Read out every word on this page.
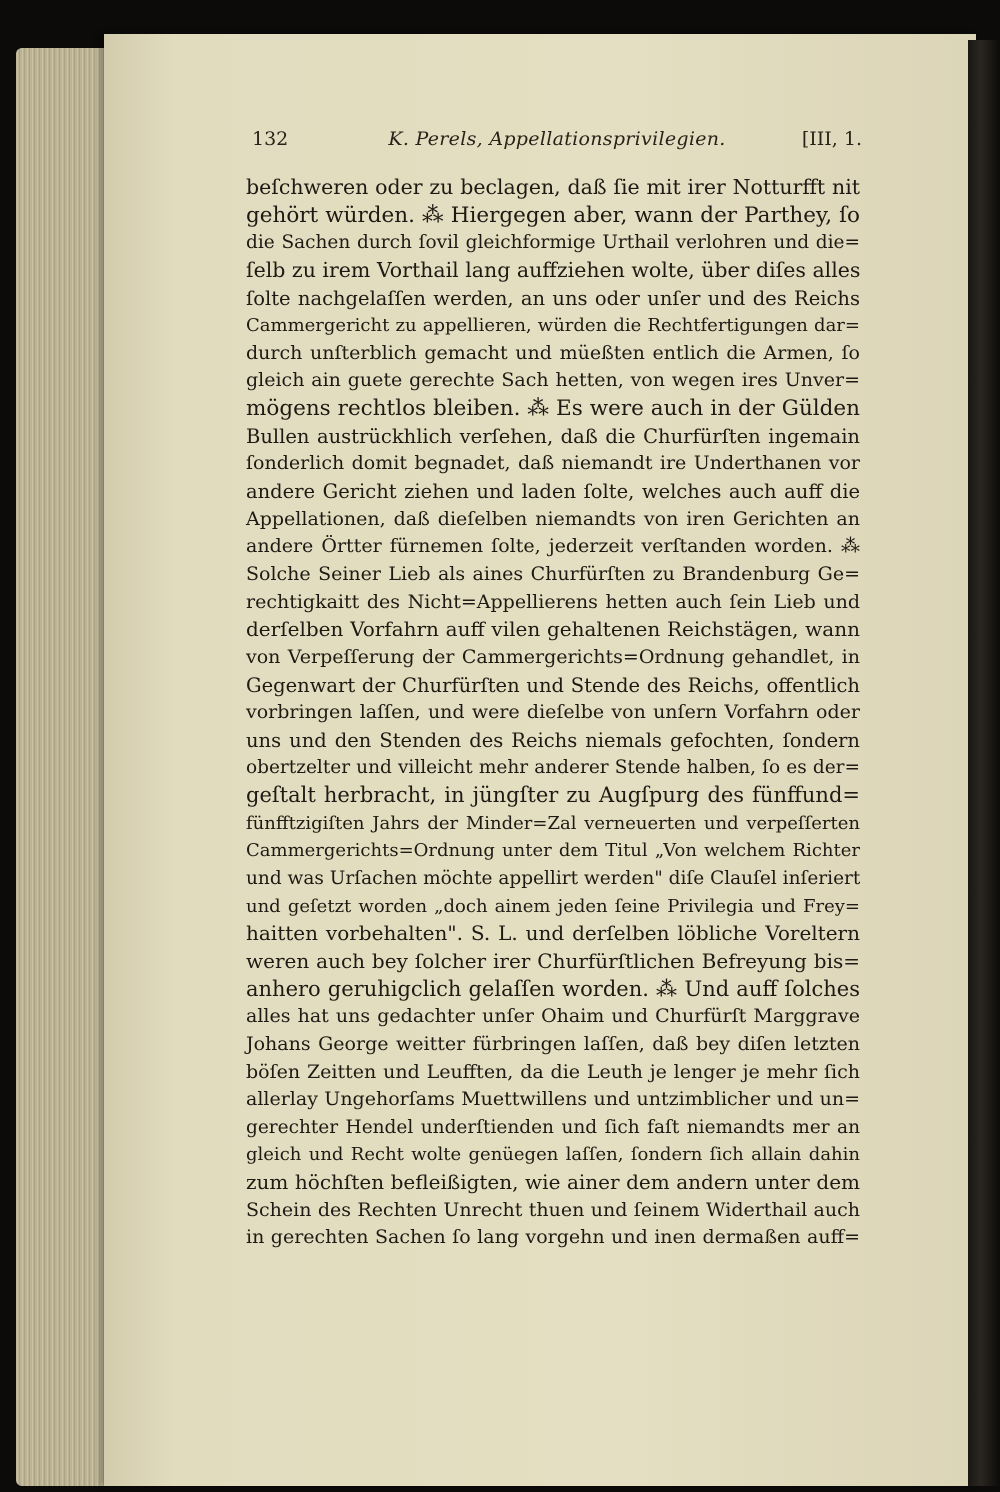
132	K. Perels, Appellationsprivilegien.	[III, 1.
beſchweren oder zu beclagen, daß ſie mit irer Notturfft nit
gehört würden. ⁂ Hiergegen aber, wann der Parthey, ſo
die Sachen durch ſovil gleichformige Urthail verlohren und die=
ſelb zu irem Vorthail lang auffziehen wolte, über diſes alles
ſolte nachgelaſſen werden, an uns oder unſer und des Reichs
Cammergericht zu appellieren, würden die Rechtfertigungen dar=
durch unſterblich gemacht und müeßten entlich die Armen, ſo
gleich ain guete gerechte Sach hetten, von wegen ires Unver=
mögens rechtlos bleiben. ⁂ Es were auch in der Gülden
Bullen austrückhlich verſehen, daß die Churfürſten ingemain
ſonderlich domit begnadet, daß niemandt ire Underthanen vor
andere Gericht ziehen und laden ſolte, welches auch auff die
Appellationen, daß dieſelben niemandts von iren Gerichten an
andere Örtter fürnemen ſolte, jederzeit verſtanden worden. ⁂
Solche Seiner Lieb als aines Churfürſten zu Brandenburg Ge=
rechtigkaitt des Nicht=Appellierens hetten auch ſein Lieb und
derſelben Vorfahrn auff vilen gehaltenen Reichstägen, wann
von Verpeſſerung der Cammergerichts=Ordnung gehandlet, in
Gegenwart der Churfürſten und Stende des Reichs, offentlich
vorbringen laſſen, und were dieſelbe von unſern Vorfahrn oder
uns und den Stenden des Reichs niemals gefochten, ſondern
obertzelter und villeicht mehr anderer Stende halben, ſo es der=
geſtalt herbracht, in jüngſter zu Augſpurg des fünffund=
fünfftzigiſten Jahrs der Minder=Zal verneuerten und verpeſſerten
Cammergerichts=Ordnung unter dem Titul „Von welchem Richter
und was Urſachen möchte appellirt werden" diſe Clauſel inſeriert
und geſetzt worden „doch ainem jeden ſeine Privilegia und Frey=
haitten vorbehalten". S. L. und derſelben löbliche Voreltern
weren auch bey ſolcher irer Churfürſtlichen Befreyung bis=
anhero geruhigclich gelaſſen worden. ⁂ Und auff ſolches
alles hat uns gedachter unſer Ohaim und Churfürſt Marggrave
Johans George weitter fürbringen laſſen, daß bey diſen letzten
böſen Zeitten und Leufften, da die Leuth je lenger je mehr ſich
allerlay Ungehorſams Muettwillens und untzimblicher und un=
gerechter Hendel underſtienden und ſich faſt niemandts mer an
gleich und Recht wolte genüegen laſſen, ſondern ſich allain dahin
zum höchſten befleißigten, wie ainer dem andern unter dem
Schein des Rechten Unrecht thuen und ſeinem Widerthail auch
in gerechten Sachen ſo lang vorgehn und inen dermaßen auff=
